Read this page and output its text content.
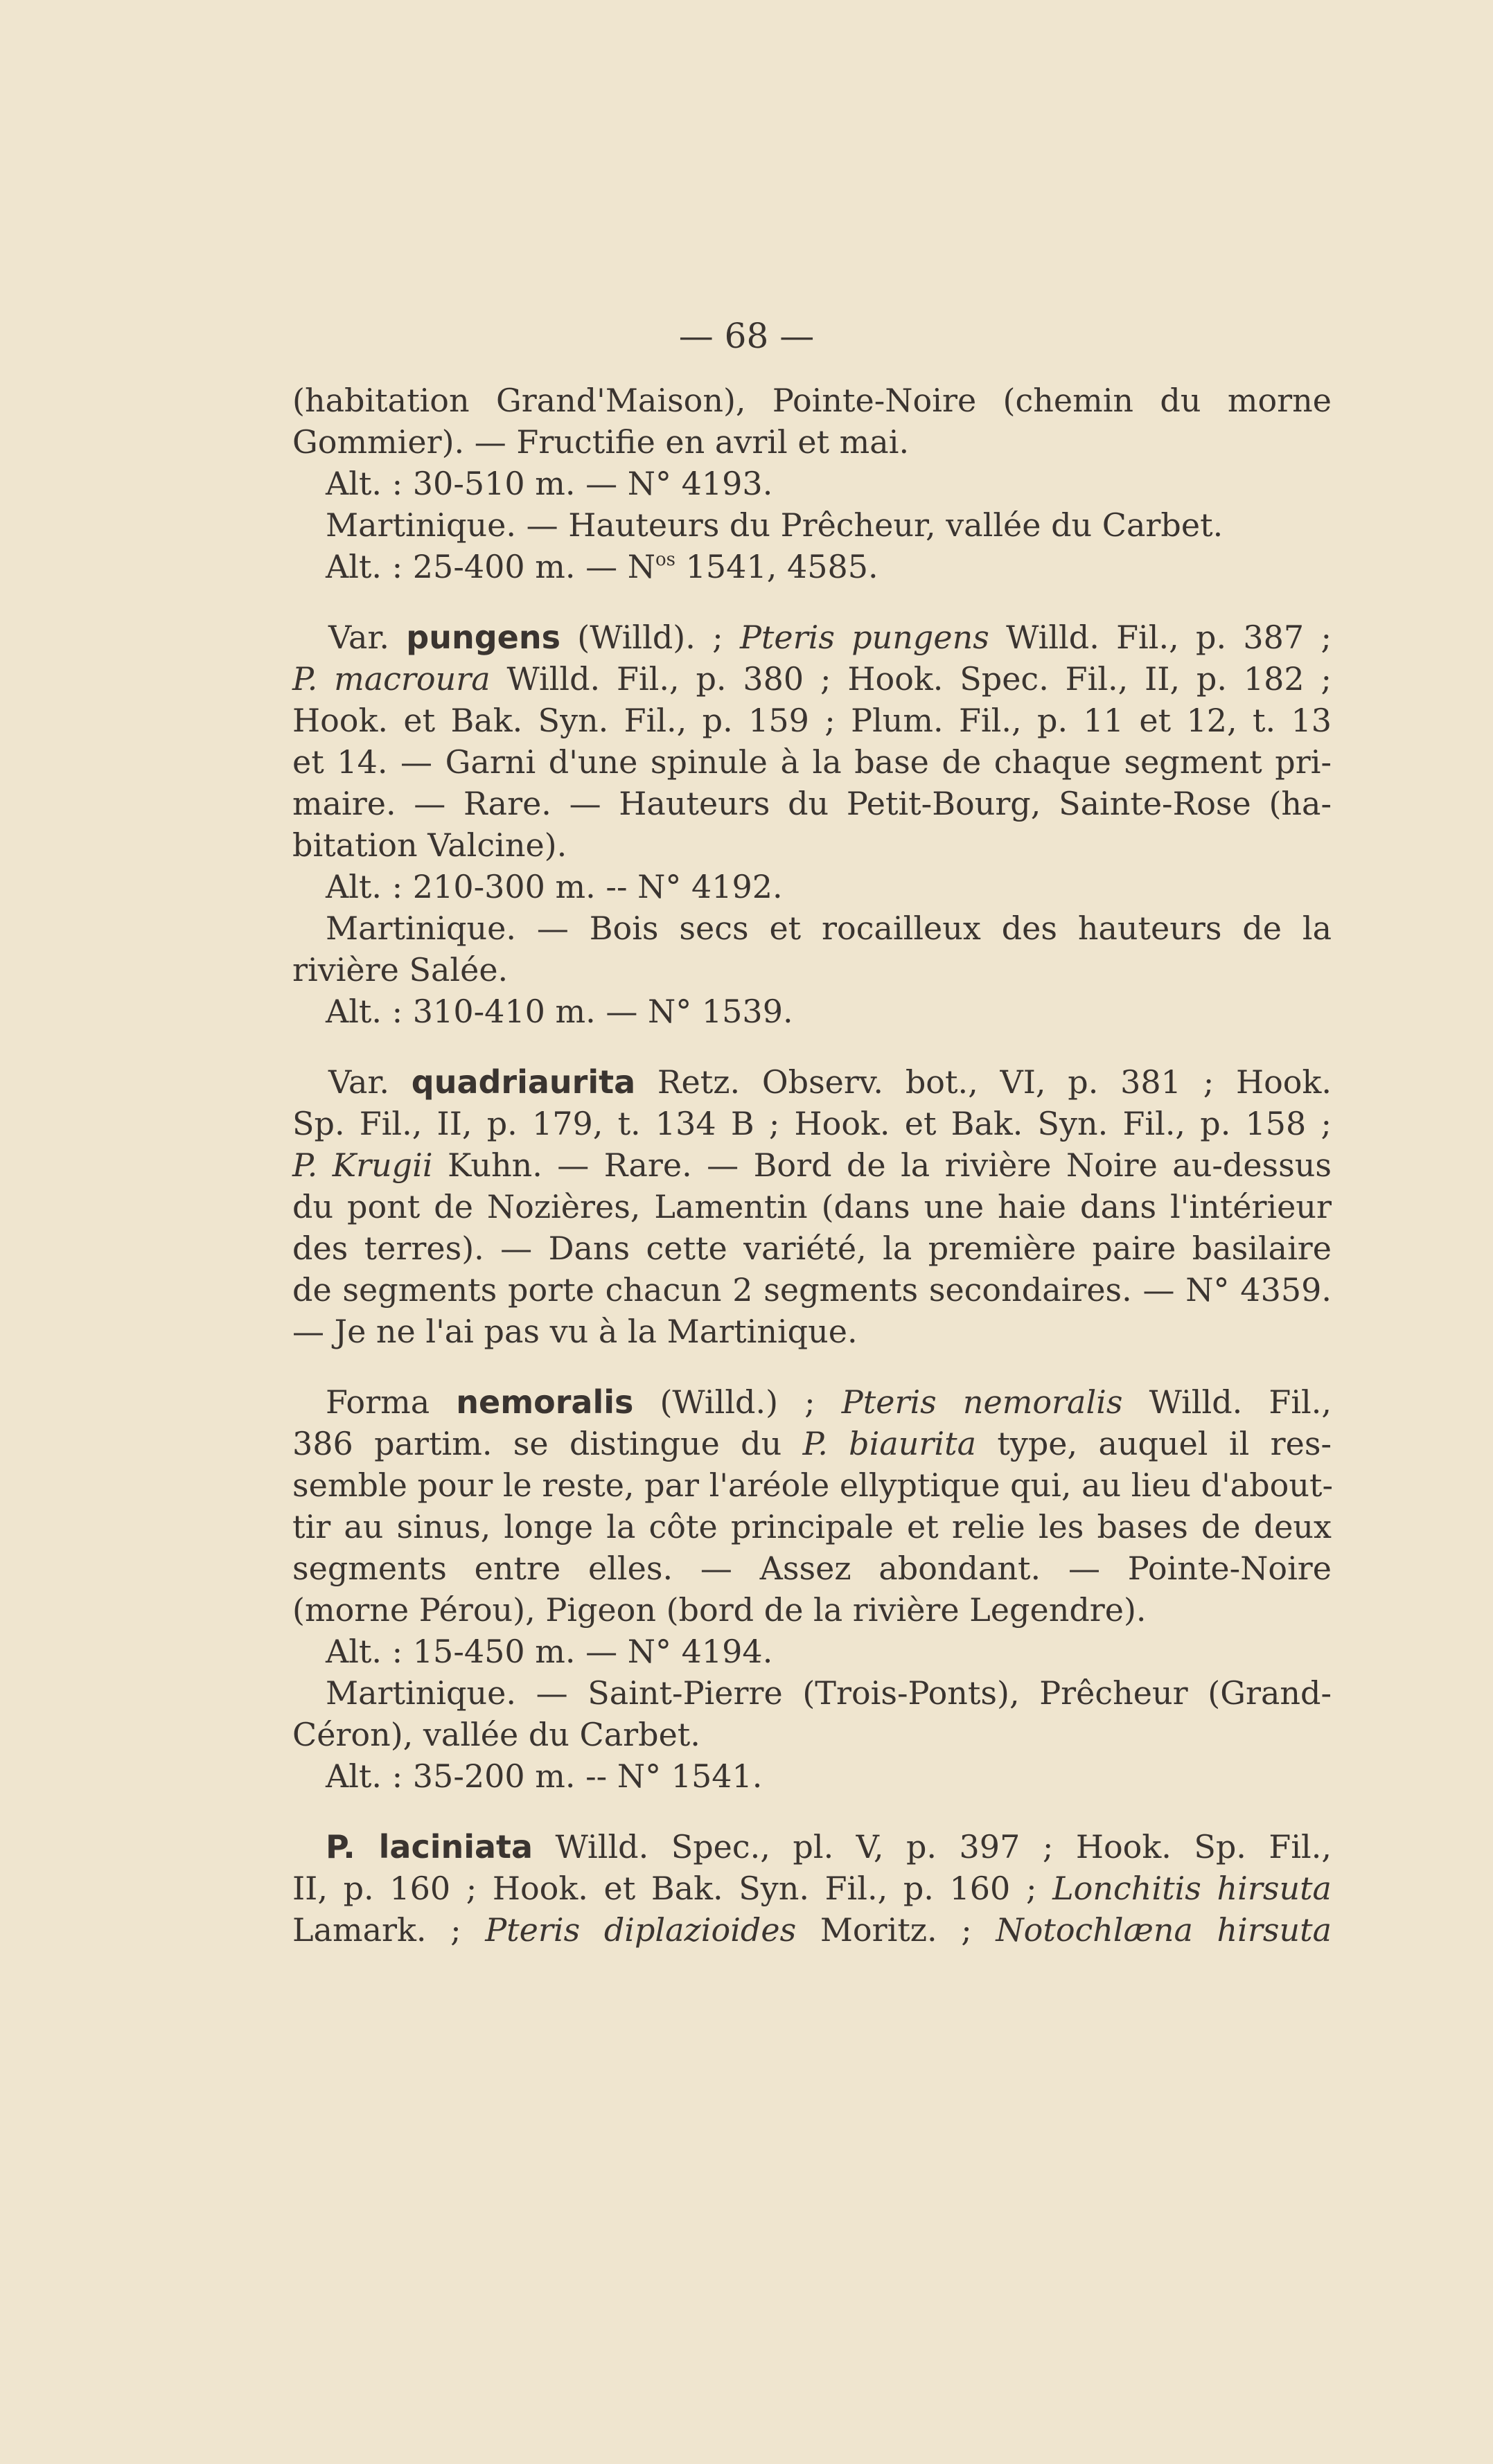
— 68 —
(habitation Grand'Maison), Pointe-Noire (chemin du morne
Gommier). — Fructifie en avril et mai.
Alt. : 30-510 m. — N° 4193.
Martinique. — Hauteurs du Prêcheur, vallée du Carbet.
Alt. : 25-400 m. — $N^{os}$ 1541, 4585.
Var. pungens (Willd). ; Pteris pungens Willd. Fil., p. 387 ;
P. macroura Willd. Fil., p. 380 ; Hook. Spec. Fil., II, p. 182 ;
Hook. et Bak. Syn. Fil., p. 159 ; Plum. Fil., p. 11 et 12, t. 13
et 14. — Garni d'une spinule à la base de chaque segment pri-
maire. — Rare. — Hauteurs du Petit-Bourg, Sainte-Rose (ha-
bitation Valcine).
Alt. : 210-300 m. -- N° 4192.
Martinique. — Bois secs et rocailleux des hauteurs de la
rivière Salée.
Alt. : 310-410 m. — N° 1539.
Var. quadriaurita Retz. Observ. bot., VI, p. 381 ; Hook.
Sp. Fil., II, p. 179, t. 134 B ; Hook. et Bak. Syn. Fil., p. 158 ;
P. Krugii Kuhn. — Rare. — Bord de la rivière Noire au-dessus
du pont de Nozières, Lamentin (dans une haie dans l'intérieur
des terres). — Dans cette variété, la première paire basilaire
de segments porte chacun 2 segments secondaires. — N° 4359.
— Je ne l'ai pas vu à la Martinique.
Forma nemoralis (Willd.) ; Pteris nemoralis Willd. Fil.,
386 partim. se distingue du P. biaurita type, auquel il res-
semble pour le reste, par l'aréole ellyptique qui, au lieu d'about-
tir au sinus, longe la côte principale et relie les bases de deux
segments entre elles. — Assez abondant. — Pointe-Noire
(morne Pérou), Pigeon (bord de la rivière Legendre).
Alt. : 15-450 m. — N° 4194.
Martinique. — Saint-Pierre (Trois-Ponts), Prêcheur (Grand-
Céron), vallée du Carbet.
Alt. : 35-200 m. -- N° 1541.
P. laciniata Willd. Spec., pl. V, p. 397 ; Hook. Sp. Fil.,
II, p. 160 ; Hook. et Bak. Syn. Fil., p. 160 ; Lonchitis hirsuta
Lamark. ; Pteris diplazioides Moritz. ; Notochlæna hirsuta
